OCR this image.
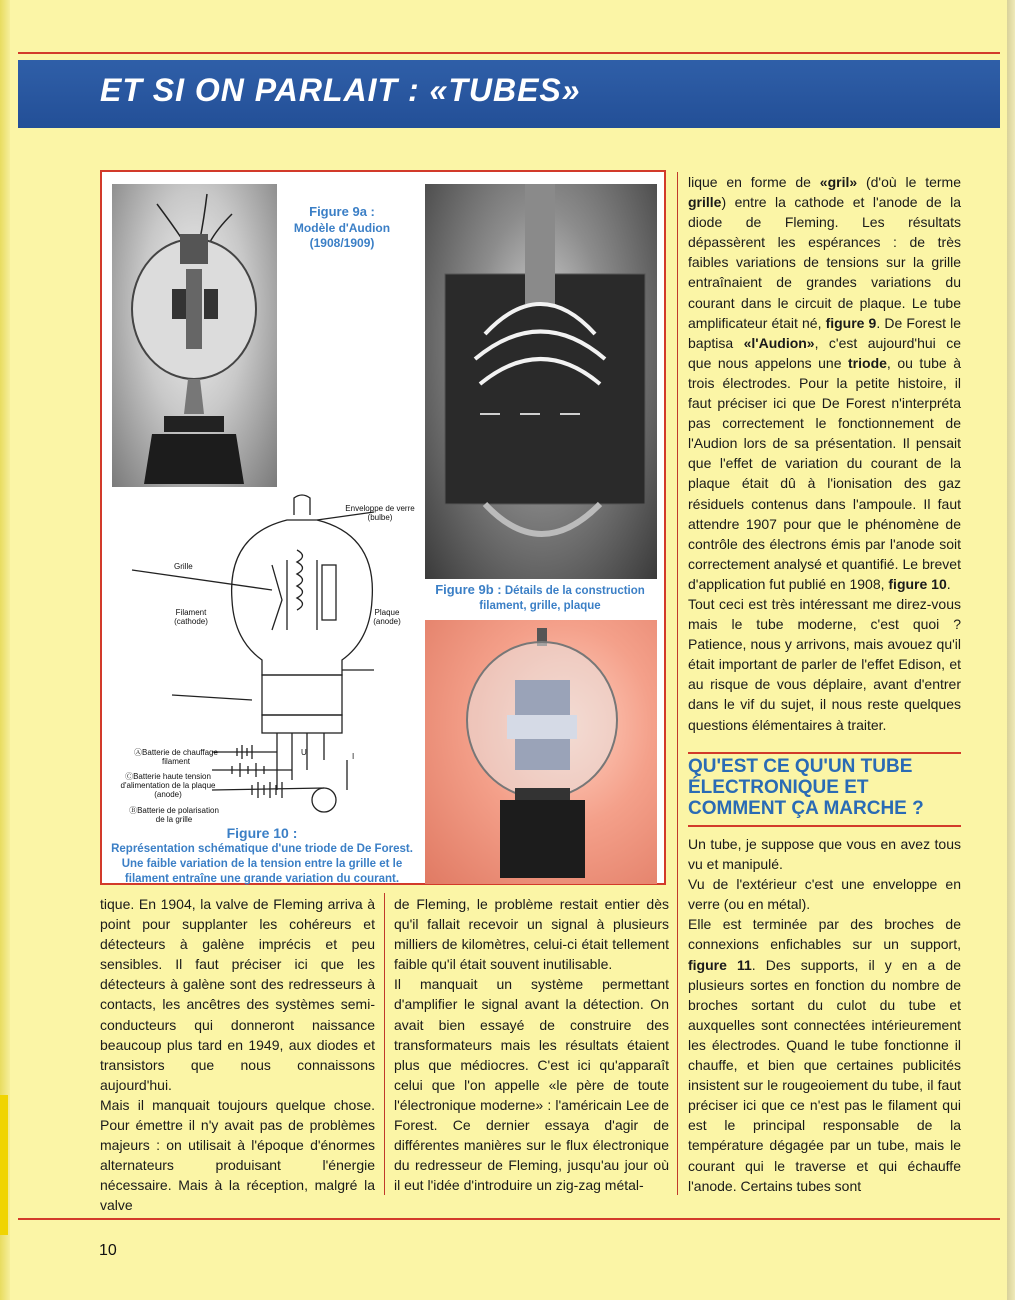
ET SI ON PARLAIT : «TUBES»
Figure 9a :
Modèle d'Audion (1908/1909)
Figure 9b : Détails de la construction filament, grille, plaque
Grille
Enveloppe de verre (bulbe)
Filament (cathode)
Plaque (anode)
ⒶBatterie de chauffage filament
ⒸBatterie haute tension d'alimentation de la plaque (anode)
ⒷBatterie de polarisation de la grille
U	I
Figure 10 :
Représentation schématique d'une triode de De Forest. Une faible variation de la tension entre la grille et le filament entraîne une grande variation du courant.

tique. En 1904, la valve de Fleming arriva à point pour supplanter les cohéreurs et détecteurs à galène imprécis et peu sensibles. Il faut préciser ici que les détecteurs à galène sont des redresseurs à contacts, les ancêtres des systèmes semi-conducteurs qui donneront naissance beaucoup plus tard en 1949, aux diodes et transistors que nous connaissons aujourd'hui.

Mais il manquait toujours quelque chose. Pour émettre il n'y avait pas de problèmes majeurs : on utilisait à l'époque d'énormes alternateurs produisant l'énergie nécessaire. Mais à la réception, malgré la valve

de Fleming, le problème restait entier dès qu'il fallait recevoir un signal à plusieurs milliers de kilomètres, celui-ci était tellement faible qu'il était souvent inutilisable.

Il manquait un système permettant d'amplifier le signal avant la détection. On avait bien essayé de construire des transformateurs mais les résultats étaient plus que médiocres. C'est ici qu'apparaît celui que l'on appelle «le père de toute l'électronique moderne» : l'américain Lee de Forest. Ce dernier essaya d'agir de différentes manières sur le flux électronique du redresseur de Fleming, jusqu'au jour où il eut l'idée d'introduire un zig-zag métal-

lique en forme de «gril» (d'où le terme grille) entre la cathode et l'anode de la diode de Fleming. Les résultats dépassèrent les espérances : de très faibles variations de tensions sur la grille entraînaient de grandes variations du courant dans le circuit de plaque. Le tube amplificateur était né, figure 9. De Forest le baptisa «l'Audion», c'est aujourd'hui ce que nous appelons une triode, ou tube à trois électrodes. Pour la petite histoire, il faut préciser ici que De Forest n'interpréta pas correctement le fonctionnement de l'Audion lors de sa présentation. Il pensait que l'effet de variation du courant de la plaque était dû à l'ionisation des gaz résiduels contenus dans l'ampoule. Il faut attendre 1907 pour que le phénomène de contrôle des électrons émis par l'anode soit correctement analysé et quantifié. Le brevet d'application fut publié en 1908, figure 10.

Tout ceci est très intéressant me direz-vous mais le tube moderne, c'est quoi ? Patience, nous y arrivons, mais avouez qu'il était important de parler de l'effet Edison, et au risque de vous déplaire, avant d'entrer dans le vif du sujet, il nous reste quelques questions élémentaires à traiter.

QU'EST CE QU'UN TUBE ÉLECTRONIQUE ET COMMENT ÇA MARCHE ?

Un tube, je suppose que vous en avez tous vu et manipulé.

Vu de l'extérieur c'est une enveloppe en verre (ou en métal).

Elle est terminée par des broches de connexions enfichables sur un support, figure 11. Des supports, il y en a de plusieurs sortes en fonction du nombre de broches sortant du culot du tube et auxquelles sont connectées intérieurement les électrodes. Quand le tube fonctionne il chauffe, et bien que certaines publicités insistent sur le rougeoiement du tube, il faut préciser ici que ce n'est pas le filament qui est le principal responsable de la température dégagée par un tube, mais le courant qui le traverse et qui échauffe l'anode. Certains tubes sont

10
